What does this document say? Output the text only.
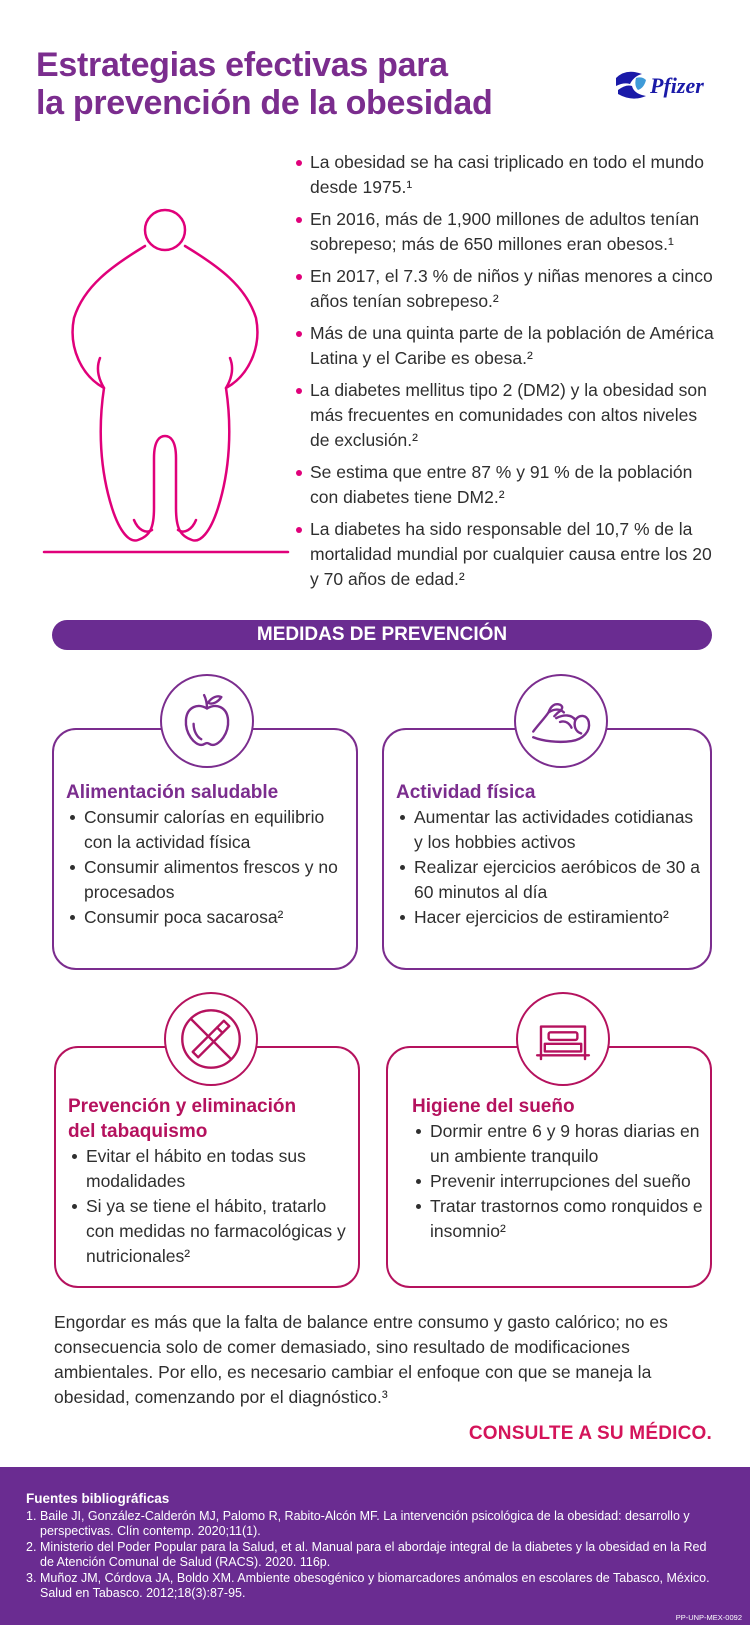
Estrategias efectivas para
la prevención de la obesidad	Pfizer
La obesidad se ha casi triplicado en todo el mundo desde 1975.¹
En 2016, más de 1,900 millones de adultos tenían sobrepeso; más de 650 millones eran obesos.¹
En 2017, el 7.3 % de niños y niñas menores a cinco años tenían sobrepeso.²
Más de una quinta parte de la población de América Latina y el Caribe es obesa.²
La diabetes mellitus tipo 2 (DM2) y la obesidad son más frecuentes en comunidades con altos niveles de exclusión.²
Se estima que entre 87 % y 91 % de la población con diabetes tiene DM2.²
La diabetes ha sido responsable del 10,7 % de la mortalidad mundial por cualquier causa entre los 20 y 70 años de edad.²
MEDIDAS DE PREVENCIÓN
Alimentación saludable
Consumir calorías en equilibrio con la actividad física
Consumir alimentos frescos y no procesados
Consumir poca sacarosa²
Actividad física
Aumentar las actividades cotidianas y los hobbies activos
Realizar ejercicios aeróbicos de 30 a 60 minutos al día
Hacer ejercicios de estiramiento²
Prevención y eliminación
del tabaquismo
Evitar el hábito en todas sus modalidades
Si ya se tiene el hábito, tratarlo con medidas no farmacológicas y nutricionales²
Higiene del sueño
Dormir entre 6 y 9 horas diarias en un ambiente tranquilo
Prevenir interrupciones del sueño
Tratar trastornos como ronquidos e insomnio²

Engordar es más que la falta de balance entre consumo y gasto calórico; no es consecuencia solo de comer demasiado, sino resultado de modificaciones ambientales. Por ello, es necesario cambiar el enfoque con que se maneja la obesidad, comenzando por el diagnóstico.³

CONSULTE A SU MÉDICO.
Fuentes bibliográficas
1. Baile JI, González-Calderón MJ, Palomo R, Rabito-Alcón MF. La intervención psicológica de la obesidad: desarrollo y perspectivas. Clín contemp. 2020;11(1).
2. Ministerio del Poder Popular para la Salud, et al. Manual para el abordaje integral de la diabetes y la obesidad en la Red de Atención Comunal de Salud (RACS). 2020. 116p.
3. Muñoz JM, Córdova JA, Boldo XM. Ambiente obesogénico y biomarcadores anómalos en escolares de Tabasco, México. Salud en Tabasco. 2012;18(3):87-95.
PP-UNP-MEX-0092
